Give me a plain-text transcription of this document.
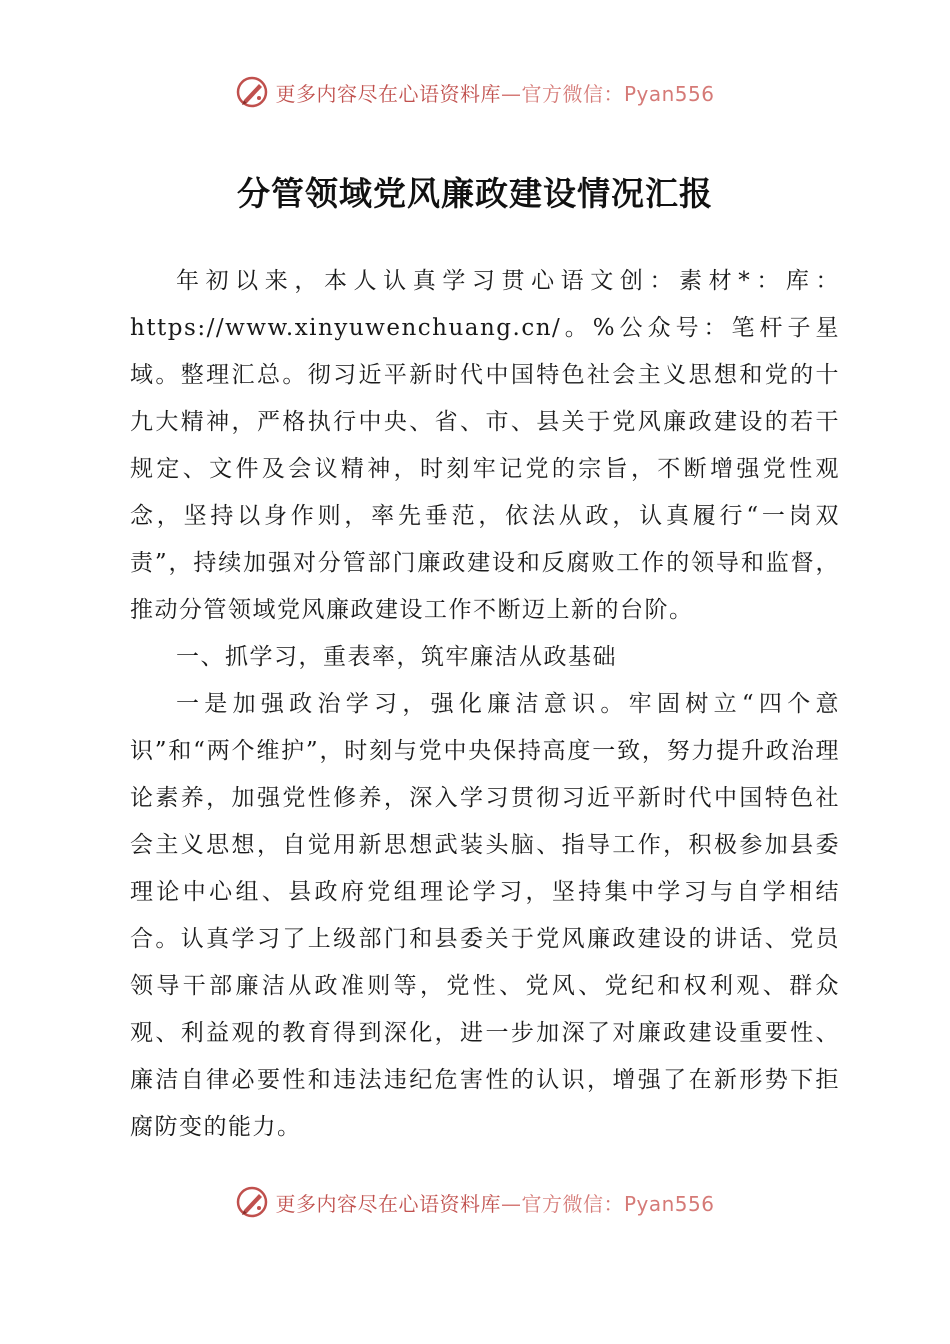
更多内容尽在心语资料库—官方微信：Pyan556
分管领域党风廉政建设情况汇报

年初以来，本人认真学习贯心语文创：素材*：库：https://www.xinyuwenchuang.cn/。%公众号：笔杆子星域。整理汇总。彻习近平新时代中国特色社会主义思想和党的十九大精神，严格执行中央、省、市、县关于党风廉政建设的若干规定、文件及会议精神，时刻牢记党的宗旨，不断增强党性观念，坚持以身作则，率先垂范，依法从政，认真履行“一岗双责”，持续加强对分管部门廉政建设和反腐败工作的领导和监督，推动分管领域党风廉政建设工作不断迈上新的台阶。

一、抓学习，重表率，筑牢廉洁从政基础

一是加强政治学习，强化廉洁意识。牢固树立“四个意识”和“两个维护”，时刻与党中央保持高度一致，努力提升政治理论素养，加强党性修养，深入学习贯彻习近平新时代中国特色社会主义思想，自觉用新思想武装头脑、指导工作，积极参加县委理论中心组、县政府党组理论学习，坚持集中学习与自学相结合。认真学习了上级部门和县委关于党风廉政建设的讲话、党员领导干部廉洁从政准则等，党性、党风、党纪和权利观、群众观、利益观的教育得到深化，进一步加深了对廉政建设重要性、廉洁自律必要性和违法违纪危害性的认识，增强了在新形势下拒腐防变的能力。

更多内容尽在心语资料库—官方微信：Pyan556
